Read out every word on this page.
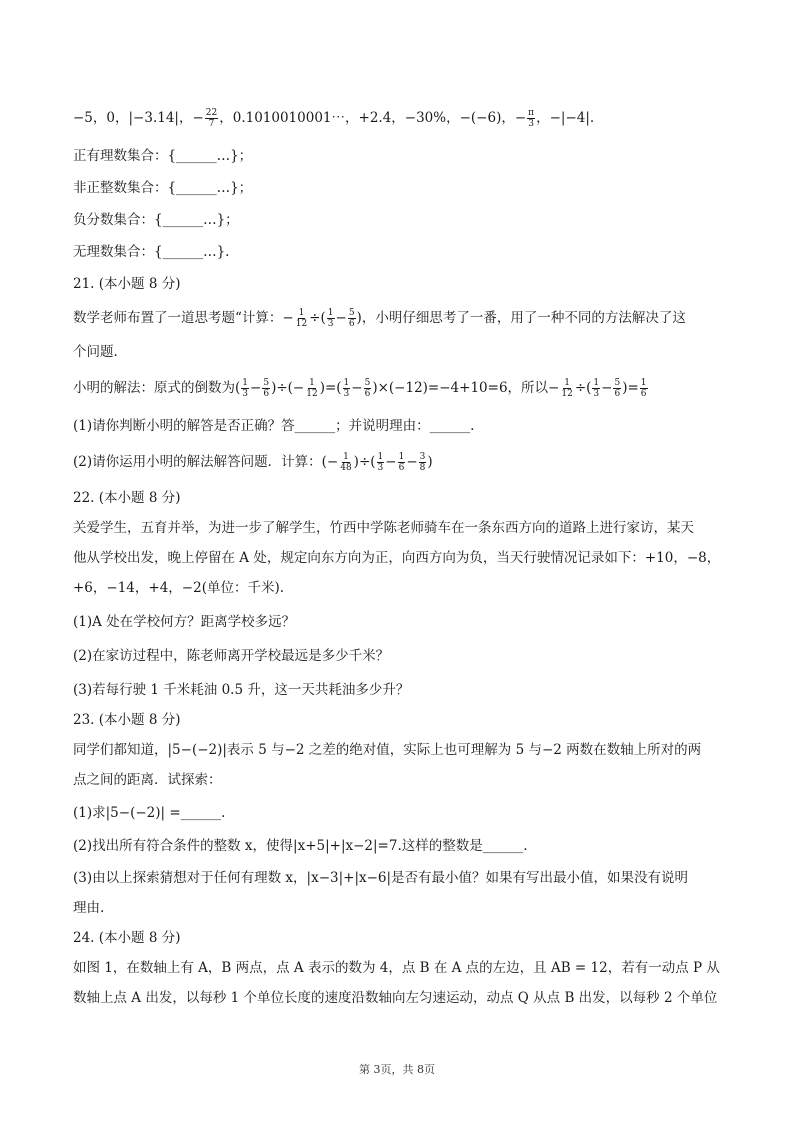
−5，0，|−3.14|，− $\frac{22}{7}$ ，0.1010010001⋯，+2.4，−30%，−(−6)，− $\frac{\pi}{3}$ ，−|−4|.
正有理数集合：{______…}；
非正整数集合：{______…}；
负分数集合：{______…}；
无理数集合：{______…}.
21. (本小题 8 分)
数学老师布置了一道思考题“计算：− $\frac{1}{12}$ ÷( $\frac{1}{3} - \frac{5}{6}$ )，小明仔细思考了一番，用了一种不同的方法解决了这
个问题.
小明的解法：原式的倒数为( $\frac{1}{3} - \frac{5}{6}$ )÷(− $\frac{1}{12}$ )=( $\frac{1}{3} - \frac{5}{6} )\times(-12)=-4+10=6$，所以− $\frac{1}{12}$ ÷( $\frac{1}{3} - \frac{5}{6}$ )= $\frac{1}{6}$
(1)请你判断小明的解答是否正确？答______；并说明理由：______.
(2)请你运用小明的解法解答问题．计算：(− $\frac{1}{48}$ )÷( $\frac{1}{3} - \frac{1}{6} - \frac{3}{8}$ )
22. (本小题 8 分)
关爱学生，五育并举，为进一步了解学生，竹西中学陈老师骑车在一条东西方向的道路上进行家访，某天
他从学校出发，晚上停留在 A 处，规定向东方向为正，向西方向为负，当天行驶情况记录如下：+10，−8，
+6，−14，+4，−2(单位：千米).
(1)A 处在学校何方？距离学校多远？
(2)在家访过程中，陈老师离开学校最远是多少千米？
(3)若每行驶 1 千米耗油 0.5 升，这一天共耗油多少升？
23. (本小题 8 分)
同学们都知道，|5−(−2)|表示 5 与−2 之差的绝对值，实际上也可理解为 5 与−2 两数在数轴上所对的两
点之间的距离．试探索：
(1)求|5−(−2)| =______.
(2)找出所有符合条件的整数 x，使得|x+5|+|x−2|=7.这样的整数是______.
(3)由以上探索猜想对于任何有理数 x，|x−3|+|x−6|是否有最小值？如果有写出最小值，如果没有说明
理由.
24. (本小题 8 分)
如图 1，在数轴上有 A，B 两点，点 A 表示的数为 4，点 B 在 A 点的左边，且 AB = 12，若有一动点 P 从
数轴上点 A 出发，以每秒 1 个单位长度的速度沿数轴向左匀速运动，动点 Q 从点 B 出发，以每秒 2 个单位
第 3页，共 8页
